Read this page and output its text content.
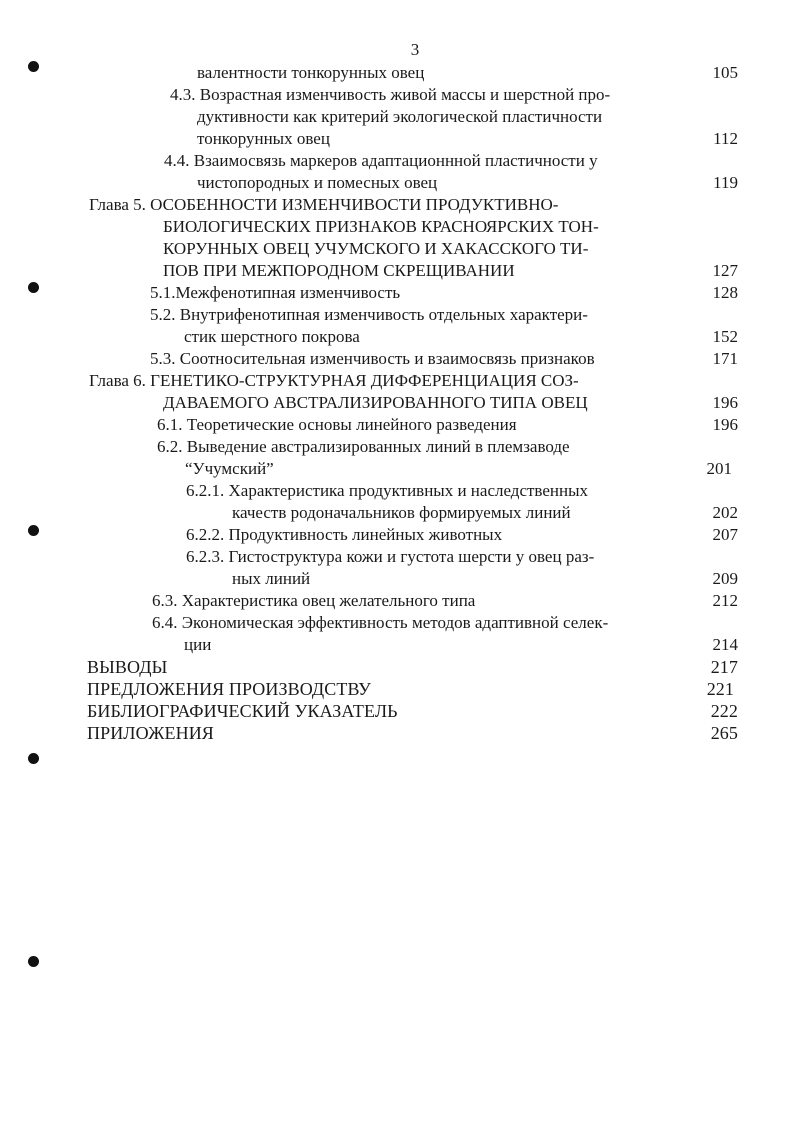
3
валентности тонкорунных овец	105
4.3. Возрастная изменчивость живой массы и шерстной про-
дуктивности как критерий экологической пластичности
тонкорунных овец	112
4.4. Взаимосвязь маркеров адаптационнной пластичности у
чистопородных и помесных овец	119
Глава 5. ОСОБЕННОСТИ ИЗМЕНЧИВОСТИ ПРОДУКТИВНО-
БИОЛОГИЧЕСКИХ ПРИЗНАКОВ КРАСНОЯРСКИХ ТОН-
КОРУННЫХ ОВЕЦ УЧУМСКОГО И ХАКАССКОГО ТИ-
ПОВ ПРИ МЕЖПОРОДНОМ СКРЕЩИВАНИИ	127
5.1.Межфенотипная изменчивость	128
5.2. Внутрифенотипная изменчивость отдельных характери-
стик шерстного покрова	152
5.3. Соотносительная изменчивость и взаимосвязь признаков	171
Глава 6. ГЕНЕТИКО-СТРУКТУРНАЯ ДИФФЕРЕНЦИАЦИЯ СОЗ-
ДАВАЕМОГО АВСТРАЛИЗИРОВАННОГО ТИПА ОВЕЦ	196
6.1. Теоретические основы линейного разведения	196
6.2. Выведение австрализированных линий в племзаводе
“Учумский”	201
6.2.1. Характеристика продуктивных и наследственных
качеств родоначальников формируемых линий	202
6.2.2. Продуктивность линейных животных	207
6.2.3. Гистоструктура кожи и густота шерсти у овец раз-
ных линий	209
6.3. Характеристика овец желательного типа	212
6.4. Экономическая эффективность методов адаптивной селек-
ции	214
ВЫВОДЫ	217
ПРЕДЛОЖЕНИЯ ПРОИЗВОДСТВУ	221
БИБЛИОГРАФИЧЕСКИЙ УКАЗАТЕЛЬ	222
ПРИЛОЖЕНИЯ	265
